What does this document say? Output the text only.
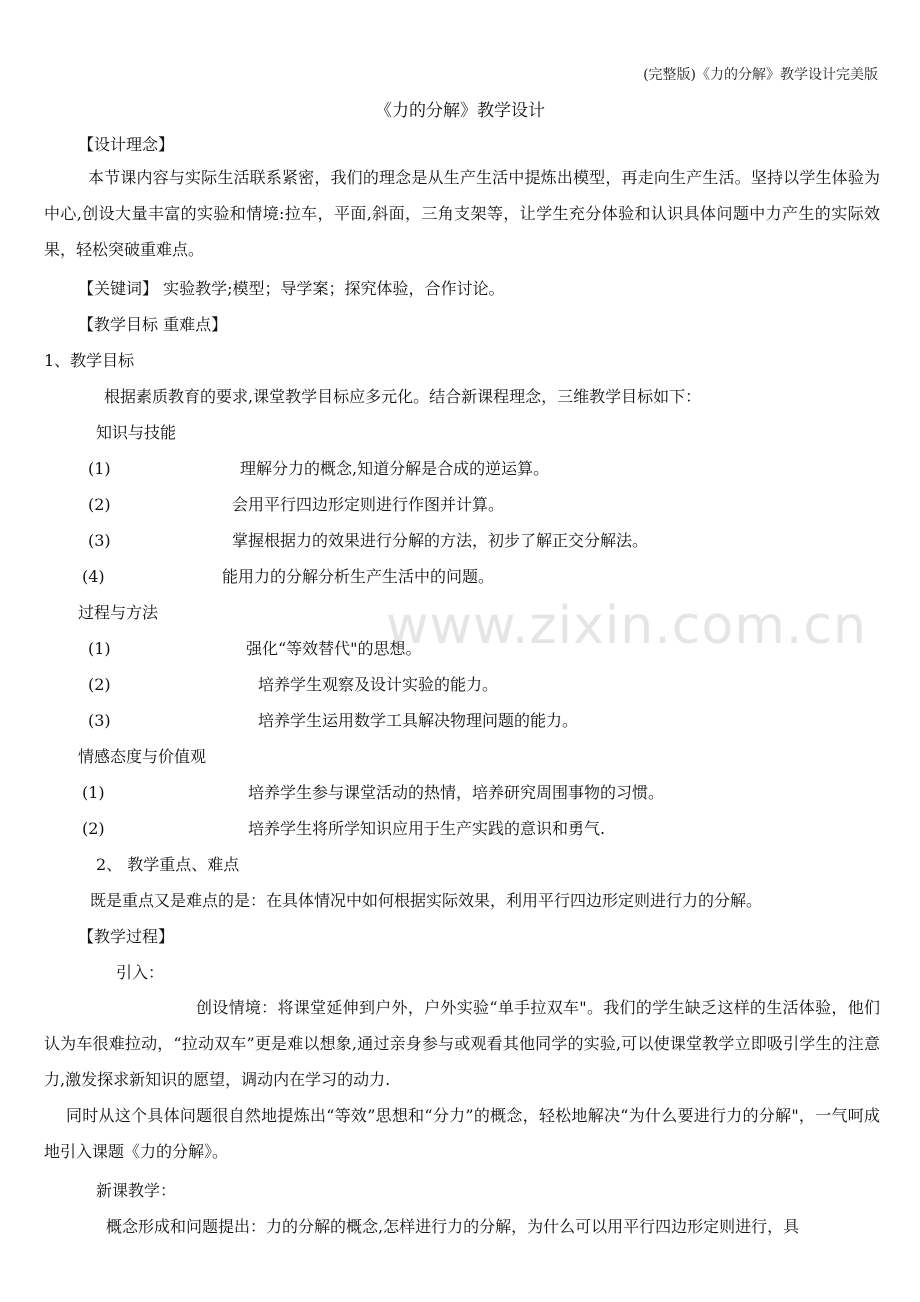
(完整版)《力的分解》教学设计完美版
《力的分解》教学设计
【设计理念】
本节课内容与实际生活联系紧密，我们的理念是从生产生活中提炼出模型，再走向生产生活。坚持以学生体验为中心,创设大量丰富的实验和情境:拉车，平面,斜面，三角支架等，让学生充分体验和认识具体问题中力产生的实际效果，轻松突破重难点。
【关键词】 实验教学;模型；导学案；探究体验，合作讨论。
【教学目标 重难点】
1、教学目标
根据素质教育的要求,课堂教学目标应多元化。结合新课程理念，三维教学目标如下：
知识与技能
(1)	理解分力的概念,知道分解是合成的逆运算。
(2)	会用平行四边形定则进行作图并计算。
(3)	掌握根据力的效果进行分解的方法，初步了解正交分解法。
(4)	能用力的分解分析生产生活中的问题。
过程与方法
(1)	强化“等效替代"的思想。
(2)	培养学生观察及设计实验的能力。
(3)	培养学生运用数学工具解决物理问题的能力。
情感态度与价值观
(1)	培养学生参与课堂活动的热情，培养研究周围事物的习惯。
(2)	培养学生将所学知识应用于生产实践的意识和勇气.
2、 教学重点、难点
既是重点又是难点的是：在具体情况中如何根据实际效果，利用平行四边形定则进行力的分解。
【教学过程】
引入：
创设情境：将课堂延伸到户外，户外实验“单手拉双车"。我们的学生缺乏这样的生活体验，他们认为车很难拉动，“拉动双车”更是难以想象,通过亲身参与或观看其他同学的实验,可以使课堂教学立即吸引学生的注意力,激发探求新知识的愿望，调动内在学习的动力.
同时从这个具体问题很自然地提炼出“等效”思想和“分力”的概念，轻松地解决“为什么要进行力的分解"，一气呵成地引入课题《力的分解》。
新课教学：
概念形成和问题提出：力的分解的概念,怎样进行力的分解，为什么可以用平行四边形定则进行，具
www.zixin.com.cn
